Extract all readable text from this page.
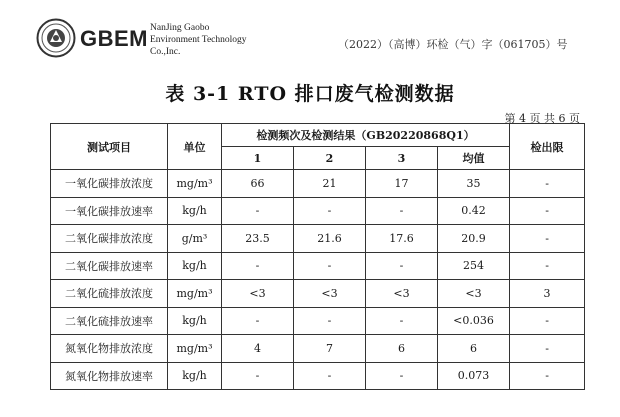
GBEM NanJing Gaobo
Environment Technology
Co.,Inc.
（2022）（高博）环检（气）字（061705）号
表 3-1 RTO 排口废气检测数据
第 4 页 共 6 页
测试项目	单位	检测频次及检测结果（GB20220868Q1）				检出限
		1	2	3	均值	
一氧化碳排放浓度	mg/m³	66	21	17	35	-
一氧化碳排放速率	kg/h	-	-	-	0.42	-
二氧化碳排放浓度	g/m³	23.5	21.6	17.6	20.9	-
二氧化碳排放速率	kg/h	-	-	-	254	-
二氧化硫排放浓度	mg/m³	<3	<3	<3	<3	3
二氧化硫排放速率	kg/h	-	-	-	<0.036	-
氮氧化物排放浓度	mg/m³	4	7	6	6	-
氮氧化物排放速率	kg/h	-	-	-	0.073	-
